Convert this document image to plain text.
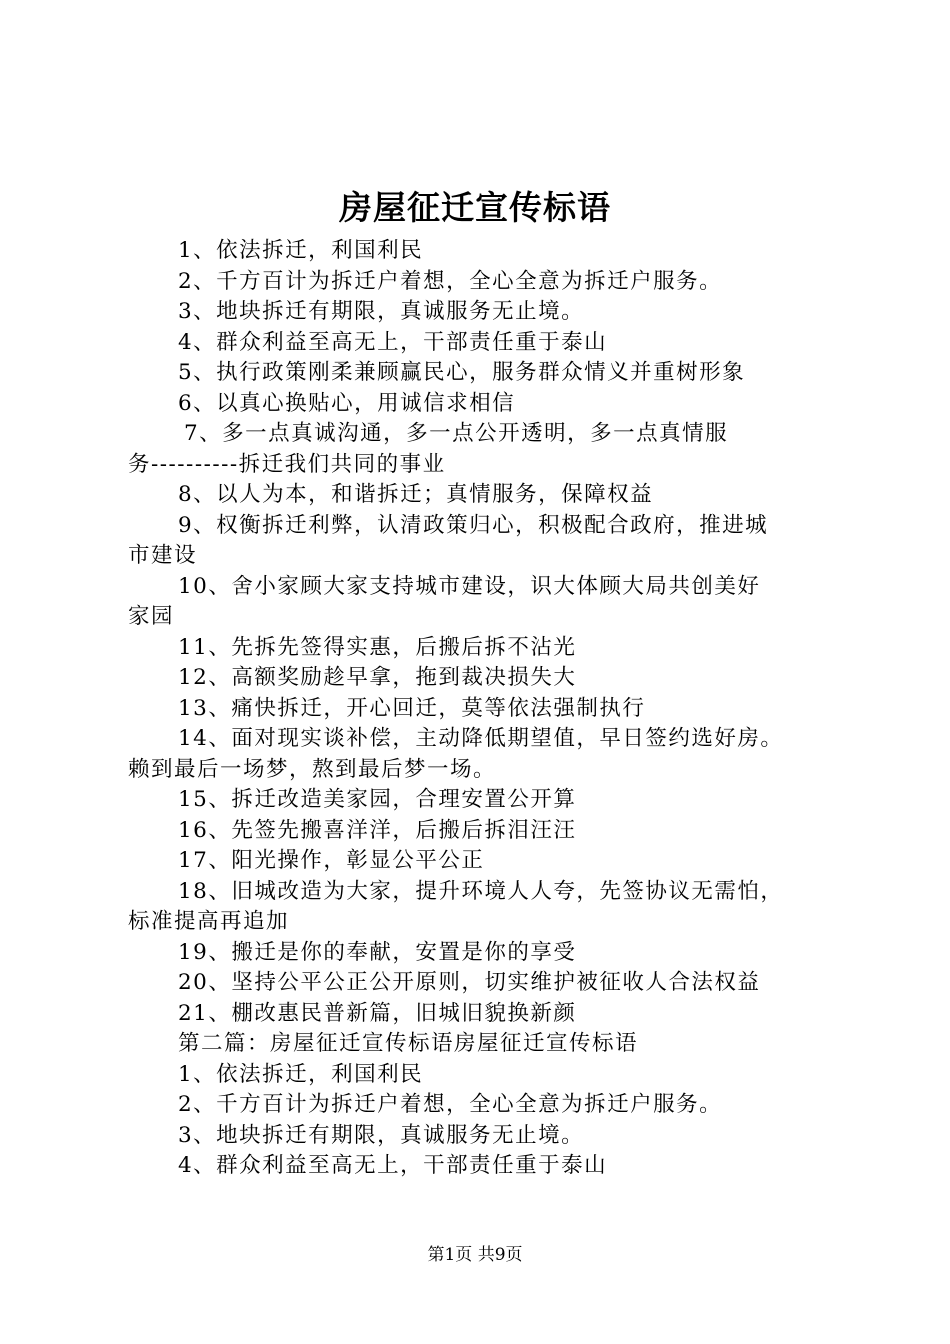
房屋征迁宣传标语
1、依法拆迁，利国利民
2、千方百计为拆迁户着想，全心全意为拆迁户服务。
3、地块拆迁有期限，真诚服务无止境。
4、群众利益至高无上，干部责任重于泰山
5、执行政策刚柔兼顾赢民心，服务群众情义并重树形象
6、以真心换贴心，用诚信求相信
7、多一点真诚沟通，多一点公开透明，多一点真情服
务----------拆迁我们共同的事业
8、以人为本，和谐拆迁；真情服务，保障权益
9、权衡拆迁利弊，认清政策归心，积极配合政府，推进城
市建设
10、舍小家顾大家支持城市建设，识大体顾大局共创美好
家园
11、先拆先签得实惠，后搬后拆不沾光
12、高额奖励趁早拿，拖到裁决损失大
13、痛快拆迁，开心回迁，莫等依法强制执行
14、面对现实谈补偿，主动降低期望值，早日签约选好房。
赖到最后一场梦，熬到最后梦一场。
15、拆迁改造美家园，合理安置公开算
16、先签先搬喜洋洋，后搬后拆泪汪汪
17、阳光操作，彰显公平公正
18、旧城改造为大家，提升环境人人夸，先签协议无需怕，
标准提高再追加
19、搬迁是你的奉献，安置是你的享受
20、坚持公平公正公开原则，切实维护被征收人合法权益
21、棚改惠民普新篇，旧城旧貌换新颜
第二篇：房屋征迁宣传标语房屋征迁宣传标语
1、依法拆迁，利国利民
2、千方百计为拆迁户着想，全心全意为拆迁户服务。
3、地块拆迁有期限，真诚服务无止境。
4、群众利益至高无上，干部责任重于泰山
第1页 共9页
